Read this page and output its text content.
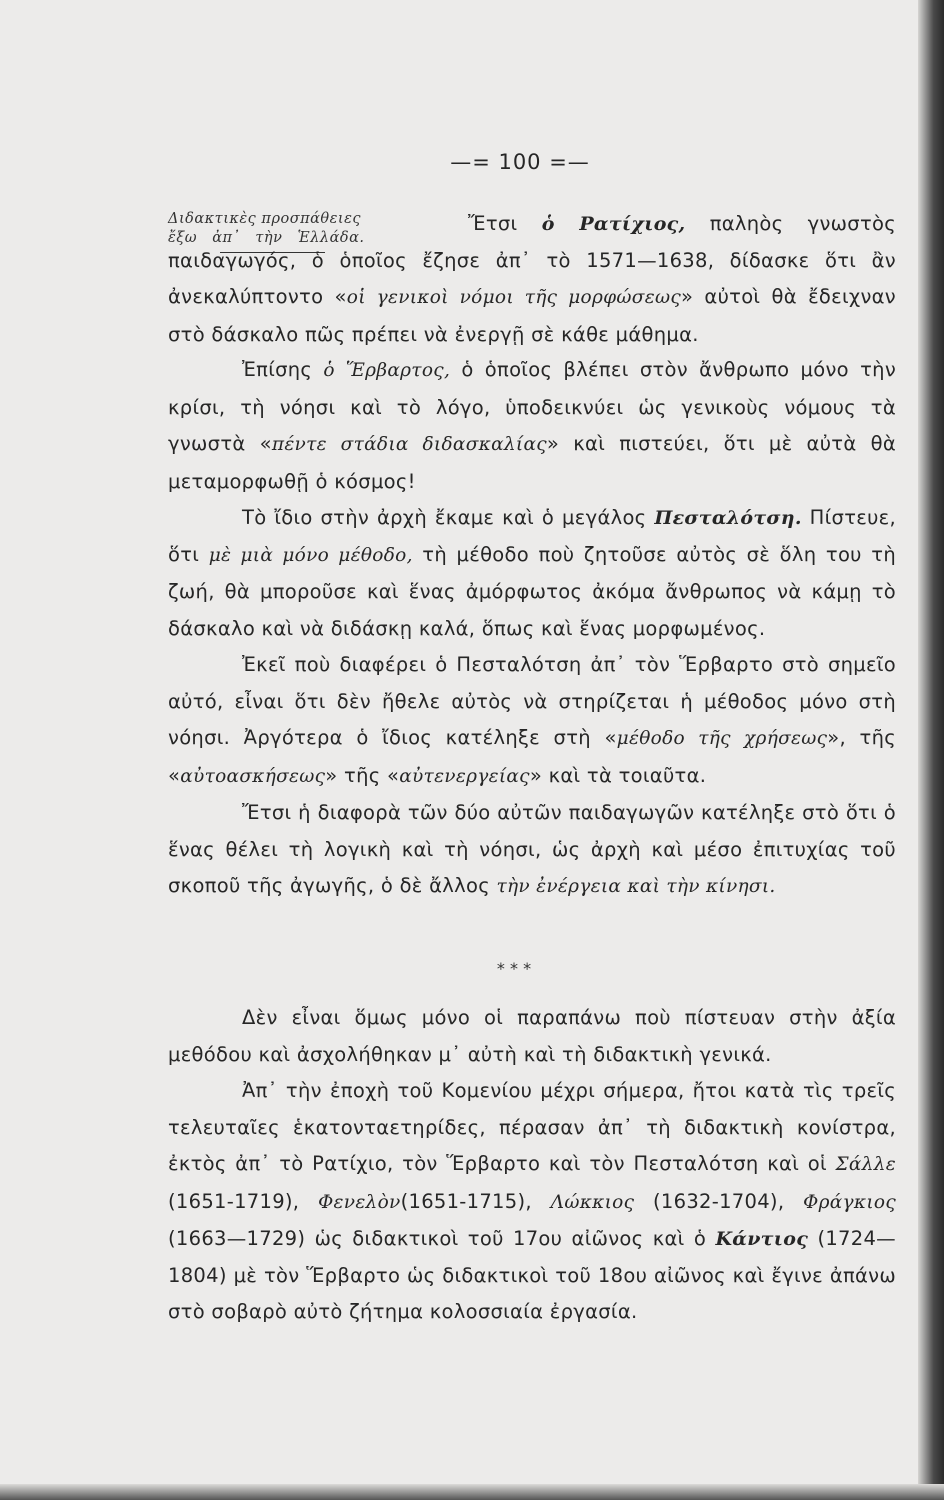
—= 100 =—
Διδακτικὲς προσπάθειες
ἔξω ἀπ᾿ τὴν Ἑλλάδα.

Ἔτσι ὁ Ρατίχιος, παληὸς γνωστὸς παιδαγωγός, ὁ ὁποῖος ἔζησε ἀπ᾿ τὸ 1571—1638, δίδασκε ὅτι ἂν ἀνεκαλύπτοντο «οἱ γενικοὶ νόμοι τῆς μορφώσεως» αὐτοὶ θὰ ἔδειχναν στὸ δάσκαλο πῶς πρέπει νὰ ἐνεργῇ σὲ κάθε μάθημα.

Ἐπίσης ὁ Ἕρβαρτος, ὁ ὁποῖος βλέπει στὸν ἄνθρωπο μόνο τὴν κρίσι, τὴ νόησι καὶ τὸ λόγο, ὑποδεικνύει ὡς γενικοὺς νόμους τὰ γνωστὰ «πέντε στάδια διδασκαλίας» καὶ πιστεύει, ὅτι μὲ αὐτὰ θὰ μεταμορφωθῇ ὁ κόσμος!

Τὸ ἴδιο στὴν ἀρχὴ ἔκαμε καὶ ὁ μεγάλος Πεσταλότση. Πίστευε, ὅτι μὲ μιὰ μόνο μέθοδο, τὴ μέθοδο ποὺ ζητοῦσε αὐτὸς σὲ ὅλη του τὴ ζωή, θὰ μποροῦσε καὶ ἕνας ἀμόρφωτος ἀκόμα ἄνθρωπος νὰ κάμῃ τὸ δάσκαλο καὶ νὰ διδάσκῃ καλά, ὅπως καὶ ἕνας μορφωμένος.

Ἐκεῖ ποὺ διαφέρει ὁ Πεσταλότση ἀπ᾿ τὸν Ἕρβαρτο στὸ σημεῖο αὐτό, εἶναι ὅτι δὲν ἤθελε αὐτὸς νὰ στηρίζεται ἡ μέθοδος μόνο στὴ νόησι. Ἀργότερα ὁ ἴδιος κατέληξε στὴ «μέθοδο τῆς χρήσεως», τῆς «αὐτοασκήσεως» τῆς «αὐτενεργείας» καὶ τὰ τοιαῦτα.

Ἔτσι ἡ διαφορὰ τῶν δύο αὐτῶν παιδαγωγῶν κατέληξε στὸ ὅτι ὁ ἕνας θέλει τὴ λογικὴ καὶ τὴ νόησι, ὡς ἀρχὴ καὶ μέσο ἐπιτυχίας τοῦ σκοποῦ τῆς ἀγωγῆς, ὁ δὲ ἄλλος τὴν ἐνέργεια καὶ τὴν κίνησι.

* * *

Δὲν εἶναι ὅμως μόνο οἱ παραπάνω ποὺ πίστευαν στὴν ἀξία μεθόδου καὶ ἀσχολήθηκαν μ᾿ αὐτὴ καὶ τὴ διδακτικὴ γενικά.

Ἀπ᾿ τὴν ἐποχὴ τοῦ Κομενίου μέχρι σήμερα, ἤτοι κατὰ τὶς τρεῖς τελευταῖες ἑκατονταετηρίδες, πέρασαν ἀπ᾿ τὴ διδακτικὴ κονίστρα, ἐκτὸς ἀπ᾿ τὸ Ρατίχιο, τὸν Ἕρβαρτο καὶ τὸν Πεσταλότση καὶ οἱ Σάλλε (1651-1719), Φενελὸν(1651-1715), Λώκκιος (1632-1704), Φράγκιος (1663—1729) ὡς διδακτικοὶ τοῦ 17ου αἰῶνος καὶ ὁ Κάντιος (1724—1804) μὲ τὸν Ἕρβαρτο ὡς διδακτικοὶ τοῦ 18ου αἰῶνος καὶ ἔγινε ἀπάνω στὸ σοβαρὸ αὐτὸ ζήτημα κολοσσιαία ἐργασία.
